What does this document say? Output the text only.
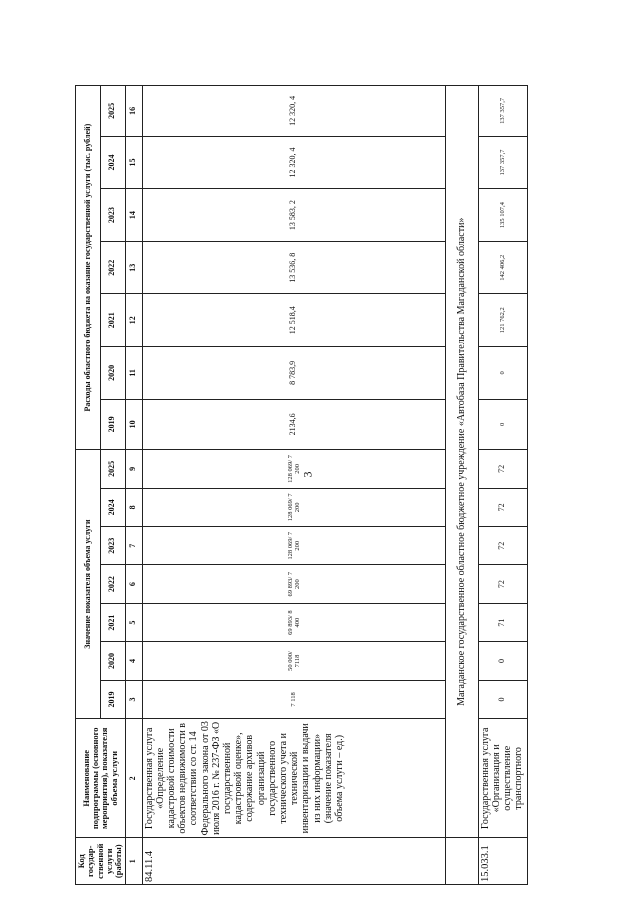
3
Код государ-ственной услуги (работы)	Наименование подпрограммы (основного мероприятия), показателя объема услуги	Значение показателя объема услуги							Расходы областного бюджета на оказание государственной услуги (тыс. рублей)						
		2019	2020	2021	2022	2023	2024	2025	2019	2020	2021	2022	2023	2024	2025
1	2	3	4	5	6	7	8	9	10	11	12	13	14	15	16
84.11.4	Государственная услуга «Определение кадастровой стоимости объектов недвижимости в соответствии со ст. 14 Федерального закона от 03 июля 2016 г. № 237-ФЗ «О государственной кадастровой оценке», содержание архивов организаций государственного технического учета и технической инвентаризации и выдачи из них информации» (значение показателя объема услуги – ед.)	7 118	50 000/ 7118	69 893/ 8 400	69 893/ 7 200	128 069/ 7 200	128 069/ 7 200	128 069/ 7 200	2134,6	8 783,9	12 518,4	13 536, 8	13 583, 2	12 320, 4	12 320, 4
	Магаданское государственное областное бюджетное учреждение «Автобаза Правительства Магаданской области»														
15.033.1	Государственная услуга «Организация и осуществление транспортного	0	0	71	72	72	72	72	0	0	121 762,2	142 406,2	135 107,4	137 357,7	137 357,7
